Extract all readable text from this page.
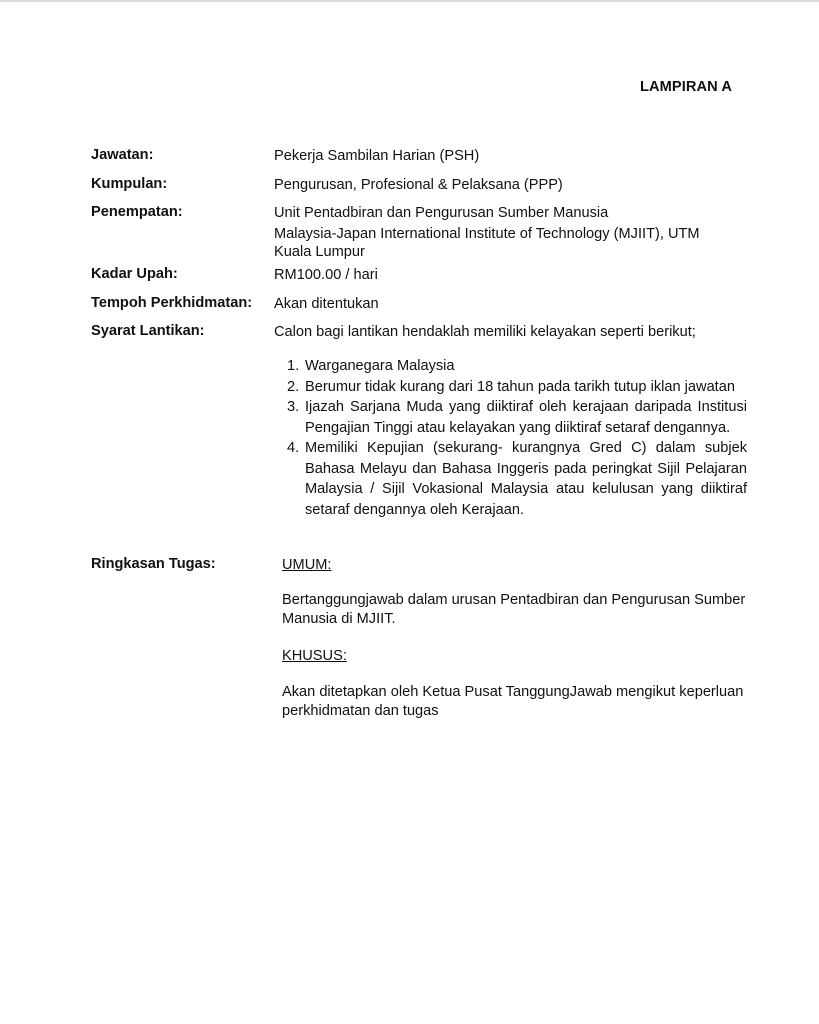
LAMPIRAN A
Jawatan:	Pekerja Sambilan Harian (PSH)
Kumpulan:	Pengurusan, Profesional & Pelaksana (PPP)
Penempatan:	Unit Pentadbiran dan Pengurusan Sumber Manusia
Malaysia-Japan International Institute of Technology (MJIIT), UTM
Kuala Lumpur
Kadar Upah:	RM100.00 / hari
Tempoh Perkhidmatan: Akan ditentukan
Syarat Lantikan:	Calon bagi lantikan hendaklah memiliki kelayakan seperti berikut;
1. Warganegara Malaysia
2. Berumur tidak kurang dari 18 tahun pada tarikh tutup iklan jawatan
3. Ijazah Sarjana Muda yang diiktiraf oleh kerajaan daripada Institusi Pengajian Tinggi atau kelayakan yang diiktiraf setaraf dengannya.
4. Memiliki Kepujian (sekurang- kurangnya Gred C) dalam subjek Bahasa Melayu dan Bahasa Inggeris pada peringkat Sijil Pelajaran Malaysia / Sijil Vokasional Malaysia atau kelulusan yang diiktiraf setaraf dengannya oleh Kerajaan.
Ringkasan Tugas:	UMUM:
Bertanggungjawab dalam urusan Pentadbiran dan Pengurusan Sumber Manusia di MJIIT.
KHUSUS:
Akan ditetapkan oleh Ketua Pusat TanggungJawab mengikut keperluan perkhidmatan dan tugas
